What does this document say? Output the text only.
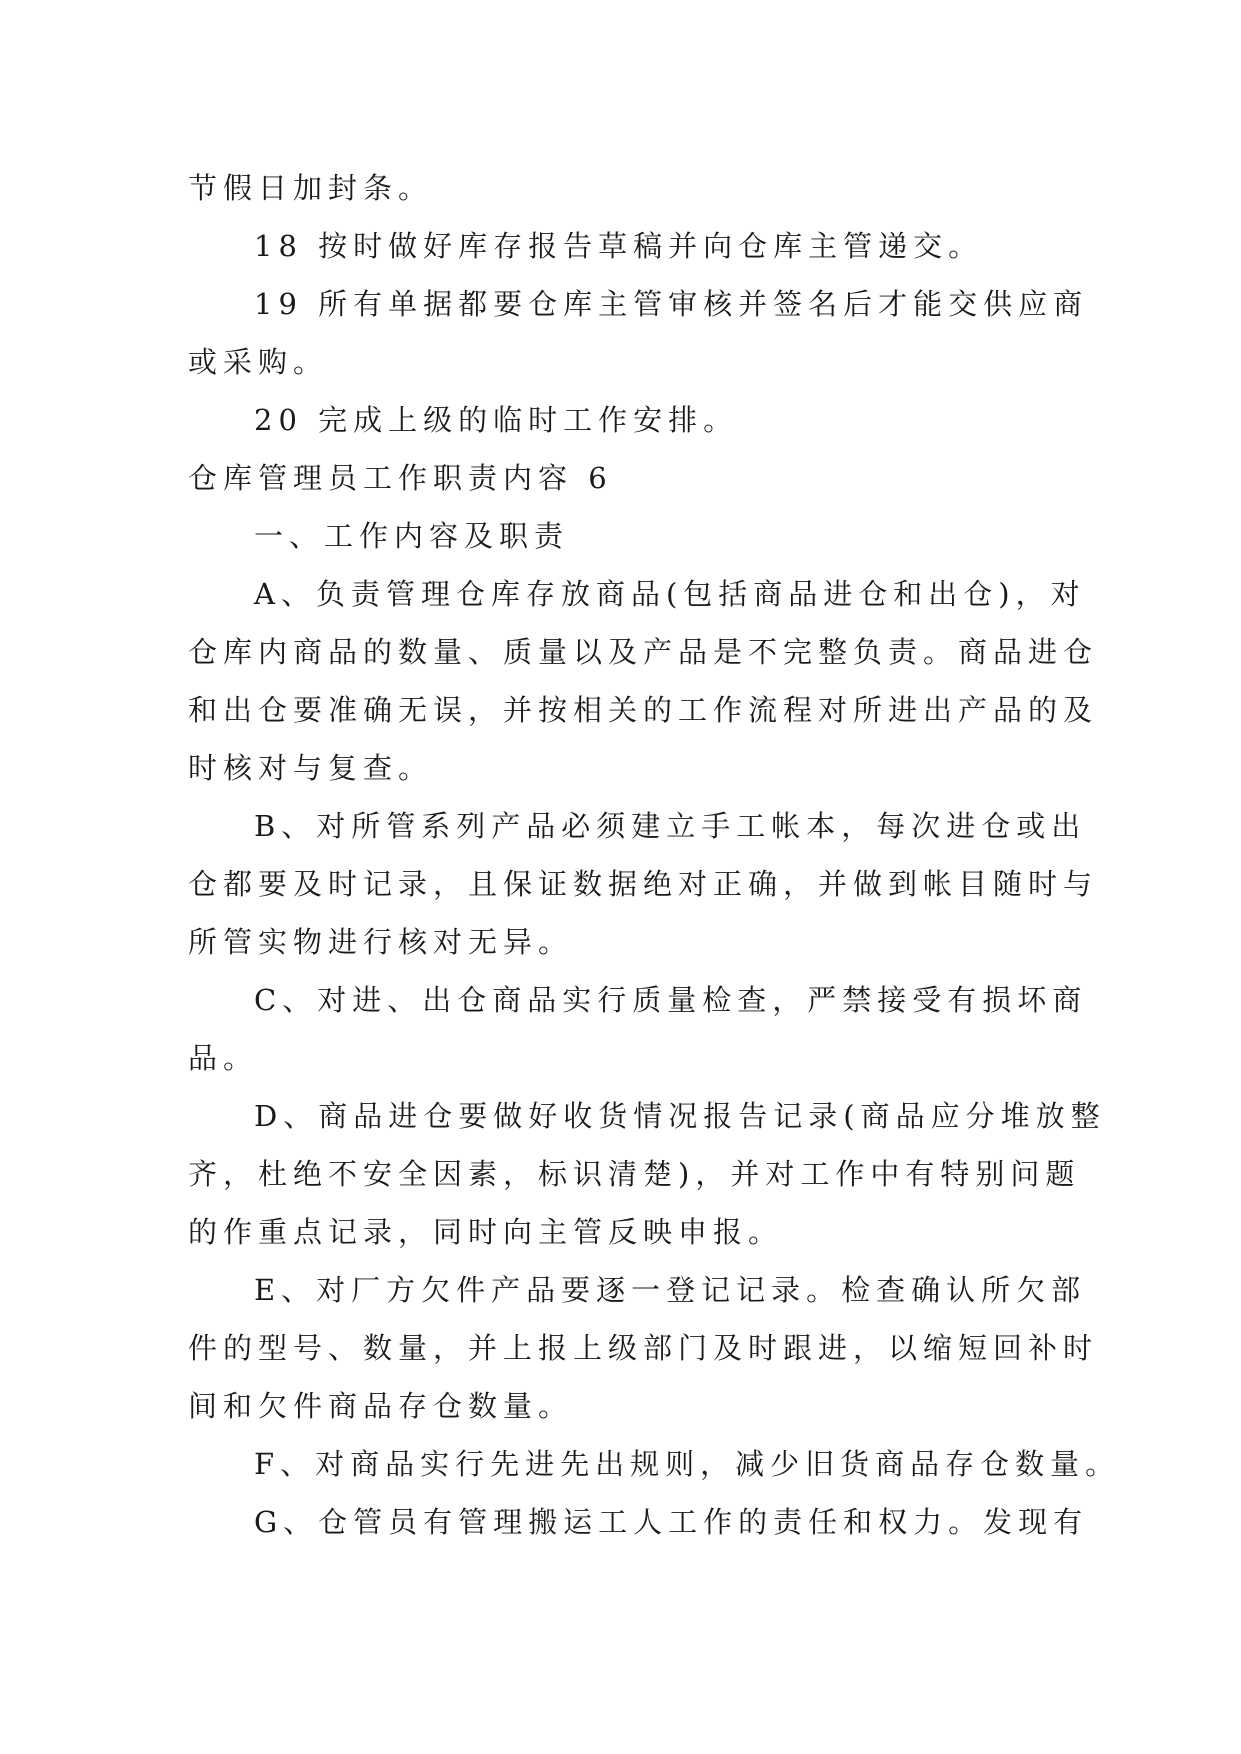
节假日加封条。
18 按时做好库存报告草稿并向仓库主管递交。
19 所有单据都要仓库主管审核并签名后才能交供应商
或采购。
20 完成上级的临时工作安排。
仓库管理员工作职责内容 6
一、工作内容及职责
A、负责管理仓库存放商品(包括商品进仓和出仓)，对
仓库内商品的数量、质量以及产品是不完整负责。商品进仓
和出仓要准确无误，并按相关的工作流程对所进出产品的及
时核对与复查。
B、对所管系列产品必须建立手工帐本，每次进仓或出
仓都要及时记录，且保证数据绝对正确，并做到帐目随时与
所管实物进行核对无异。
C、对进、出仓商品实行质量检查，严禁接受有损坏商
品。
D、商品进仓要做好收货情况报告记录(商品应分堆放整
齐，杜绝不安全因素，标识清楚)，并对工作中有特别问题
的作重点记录，同时向主管反映申报。
E、对厂方欠件产品要逐一登记记录。检查确认所欠部
件的型号、数量，并上报上级部门及时跟进，以缩短回补时
间和欠件商品存仓数量。
F、对商品实行先进先出规则，减少旧货商品存仓数量。
G、仓管员有管理搬运工人工作的责任和权力。发现有
